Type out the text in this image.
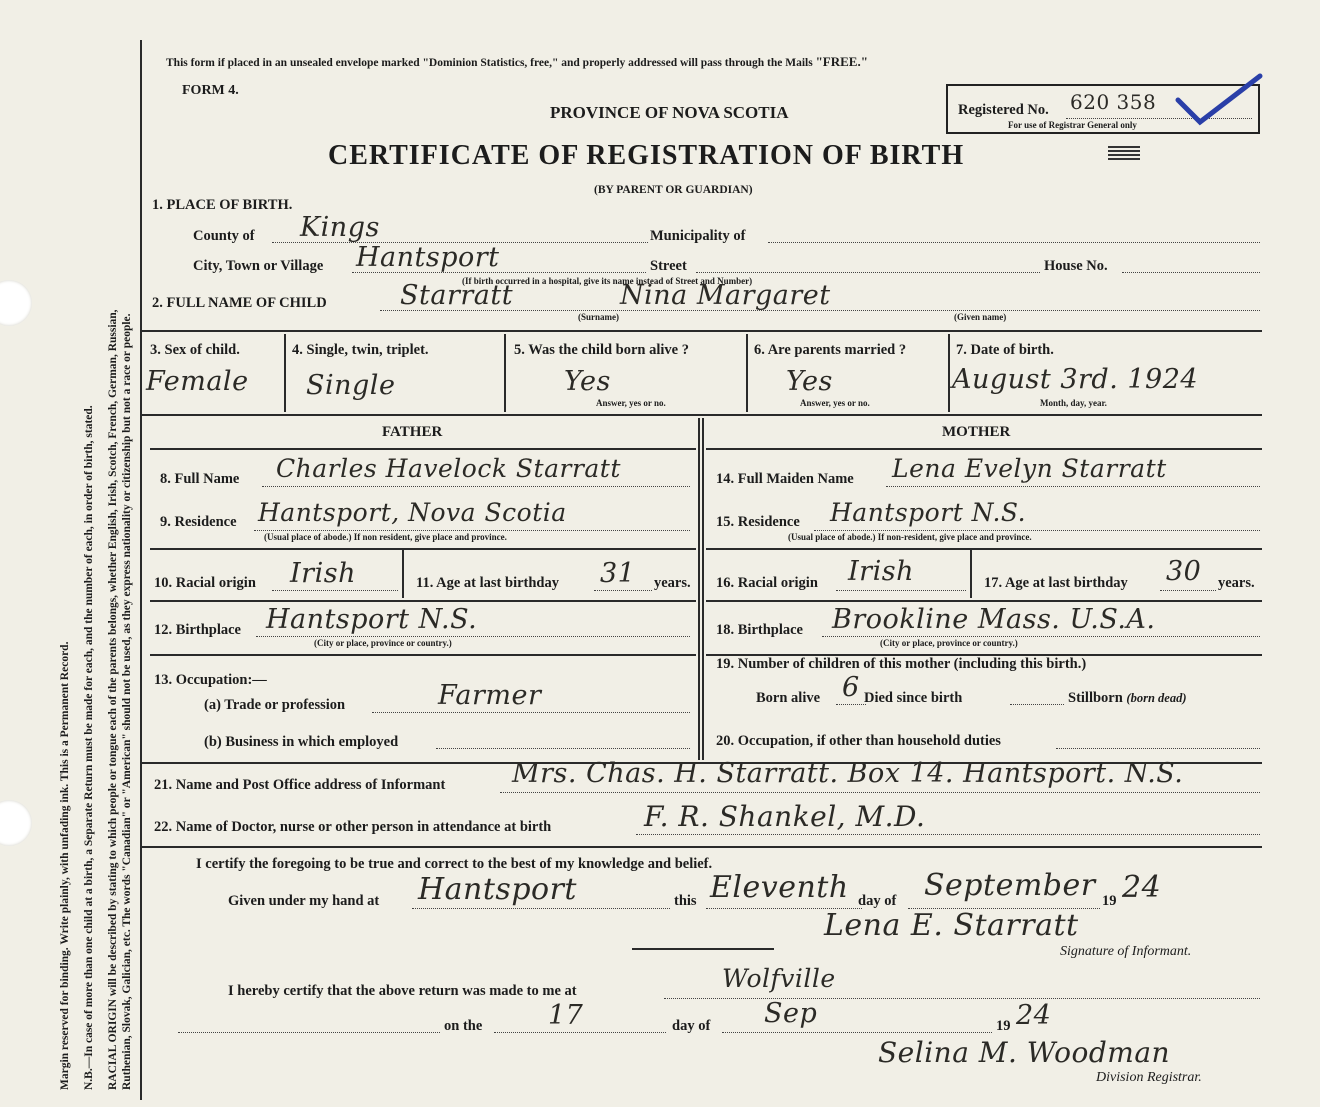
Margin reserved for binding. Write plainly, with unfading ink. This is a Permanent Record. N.B.—In case of more than one child at a birth, a Separate Return must be made for each, and the number of each, in order of birth, stated. RACIAL ORIGIN will be described by stating to which people or tongue each of the parents belongs, whether English, Irish, Scotch, French, German, Russian, Ruthenian, Slovak, Galician, etc. The words "Canadian" or "American" should not be used, as they express nationality or citizenship but not a race or people.
This form if placed in an unsealed envelope marked "Dominion Statistics, free," and properly addressed will pass through the Mails "FREE."
FORM 4.
PROVINCE OF NOVA SCOTIA	Registered No. 620 358
For use of Registrar General only
CERTIFICATE OF REGISTRATION OF BIRTH
(BY PARENT OR GUARDIAN)
1. PLACE OF BIRTH.
County of Kings	Municipality of
City, Town or Village Hantsport	Street	House No.
(If birth occurred in a hospital, give its name instead of Street and Number)
2. FULL NAME OF CHILD	Starratt	Nina Margaret
(Surname)	(Given name)
3. Sex of child.
Female
4. Single, twin, triplet.
Single
5. Was the child born alive ?
Yes
Answer, yes or no.
6. Are parents married ?
Yes
Answer, yes or no.
7. Date of birth.
August 3rd. 1924
Month, day, year.
FATHER	MOTHER
8. Full Name Charles Havelock Starratt
9. Residence Hantsport, Nova Scotia
(Usual place of abode.) If non resident, give place and province.
10. Racial origin Irish	11. Age at last birthday 31 years.
12. Birthplace Hantsport N.S.
(City or place, province or country.)
13. Occupation:—
(a) Trade or profession	Farmer
(b) Business in which employed
14. Full Maiden Name Lena Evelyn Starratt
15. Residence Hantsport N.S.
(Usual place of abode.) If non-resident, give place and province.
16. Racial origin Irish	17. Age at last birthday 30 years.
18. Birthplace Brookline Mass. U.S.A.
(City or place, province or country.)
19. Number of children of this mother (including this birth.)
Born alive 6 Died since birth	Stillborn (born dead)
20. Occupation, if other than household duties
21. Name and Post Office address of Informant Mrs. Chas. H. Starratt. Box 14. Hantsport. N.S.
22. Name of Doctor, nurse or other person in attendance at birth	F. R. Shankel, M.D.
I certify the foregoing to be true and correct to the best of my knowledge and belief.
Given under my hand at Hantsport	this Eleventh day of September 19 24
Lena E. Starratt
Signature of Informant.
I hereby certify that the above return was made to me at	Wolfville
on the 17	day of Sep	19 24
Selina M. Woodman
Division Registrar.
